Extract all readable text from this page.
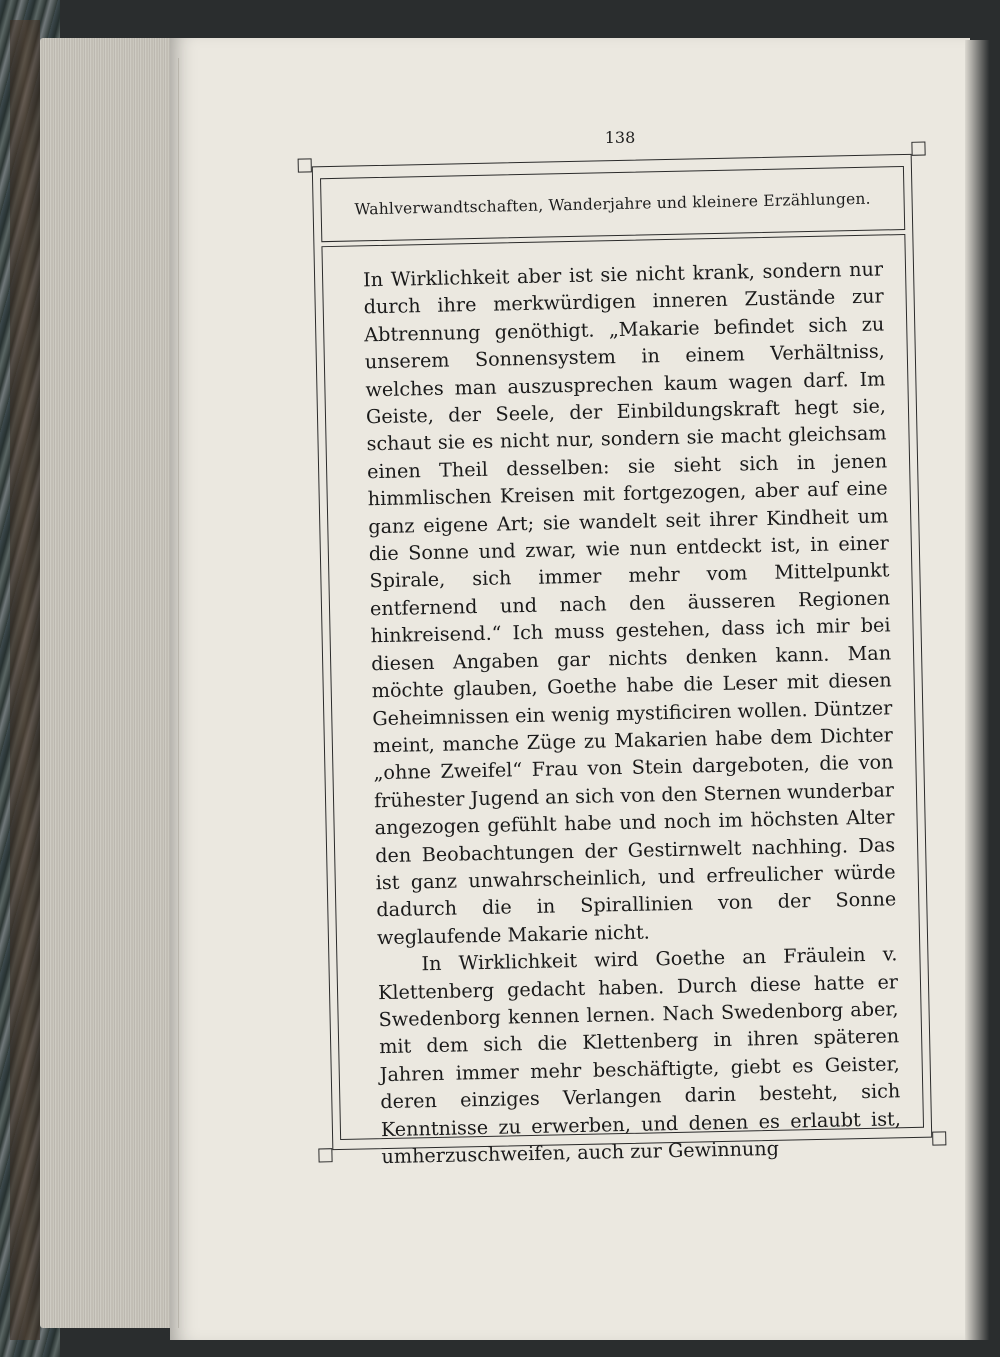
138
Wahlverwandtschaften, Wanderjahre und kleinere Erzählungen.

In Wirklichkeit aber ist sie nicht krank, sondern nur durch ihre merkwürdigen inneren Zustände zur Abtrennung genöthigt. „Makarie befindet sich zu unserem Sonnensystem in einem Verhältniss, welches man auszusprechen kaum wagen darf. Im Geiste, der Seele, der Einbildungskraft hegt sie, schaut sie es nicht nur, sondern sie macht gleichsam einen Theil desselben: sie sieht sich in jenen himmlischen Kreisen mit fortgezogen, aber auf eine ganz eigene Art; sie wandelt seit ihrer Kindheit um die Sonne und zwar, wie nun entdeckt ist, in einer Spirale, sich immer mehr vom Mittelpunkt entfernend und nach den äusseren Regionen hinkreisend.“ Ich muss gestehen, dass ich mir bei diesen Angaben gar nichts denken kann. Man möchte glauben, Goethe habe die Leser mit diesen Geheimnissen ein wenig mystificiren wollen. Düntzer meint, manche Züge zu Makarien habe dem Dichter „ohne Zweifel“ Frau von Stein dargeboten, die von frühester Jugend an sich von den Sternen wunderbar angezogen gefühlt habe und noch im höchsten Alter den Beobachtungen der Gestirnwelt nachhing. Das ist ganz unwahrscheinlich, und erfreulicher würde dadurch die in Spirallinien von der Sonne weglaufende Makarie nicht.

In Wirklichkeit wird Goethe an Fräulein v. Klettenberg gedacht haben. Durch diese hatte er Swedenborg kennen lernen. Nach Swedenborg aber, mit dem sich die Klettenberg in ihren späteren Jahren immer mehr beschäftigte, giebt es Geister, deren einziges Verlangen darin besteht, sich Kenntnisse zu erwerben, und denen es erlaubt ist, umherzuschweifen, auch zur Gewinnung
